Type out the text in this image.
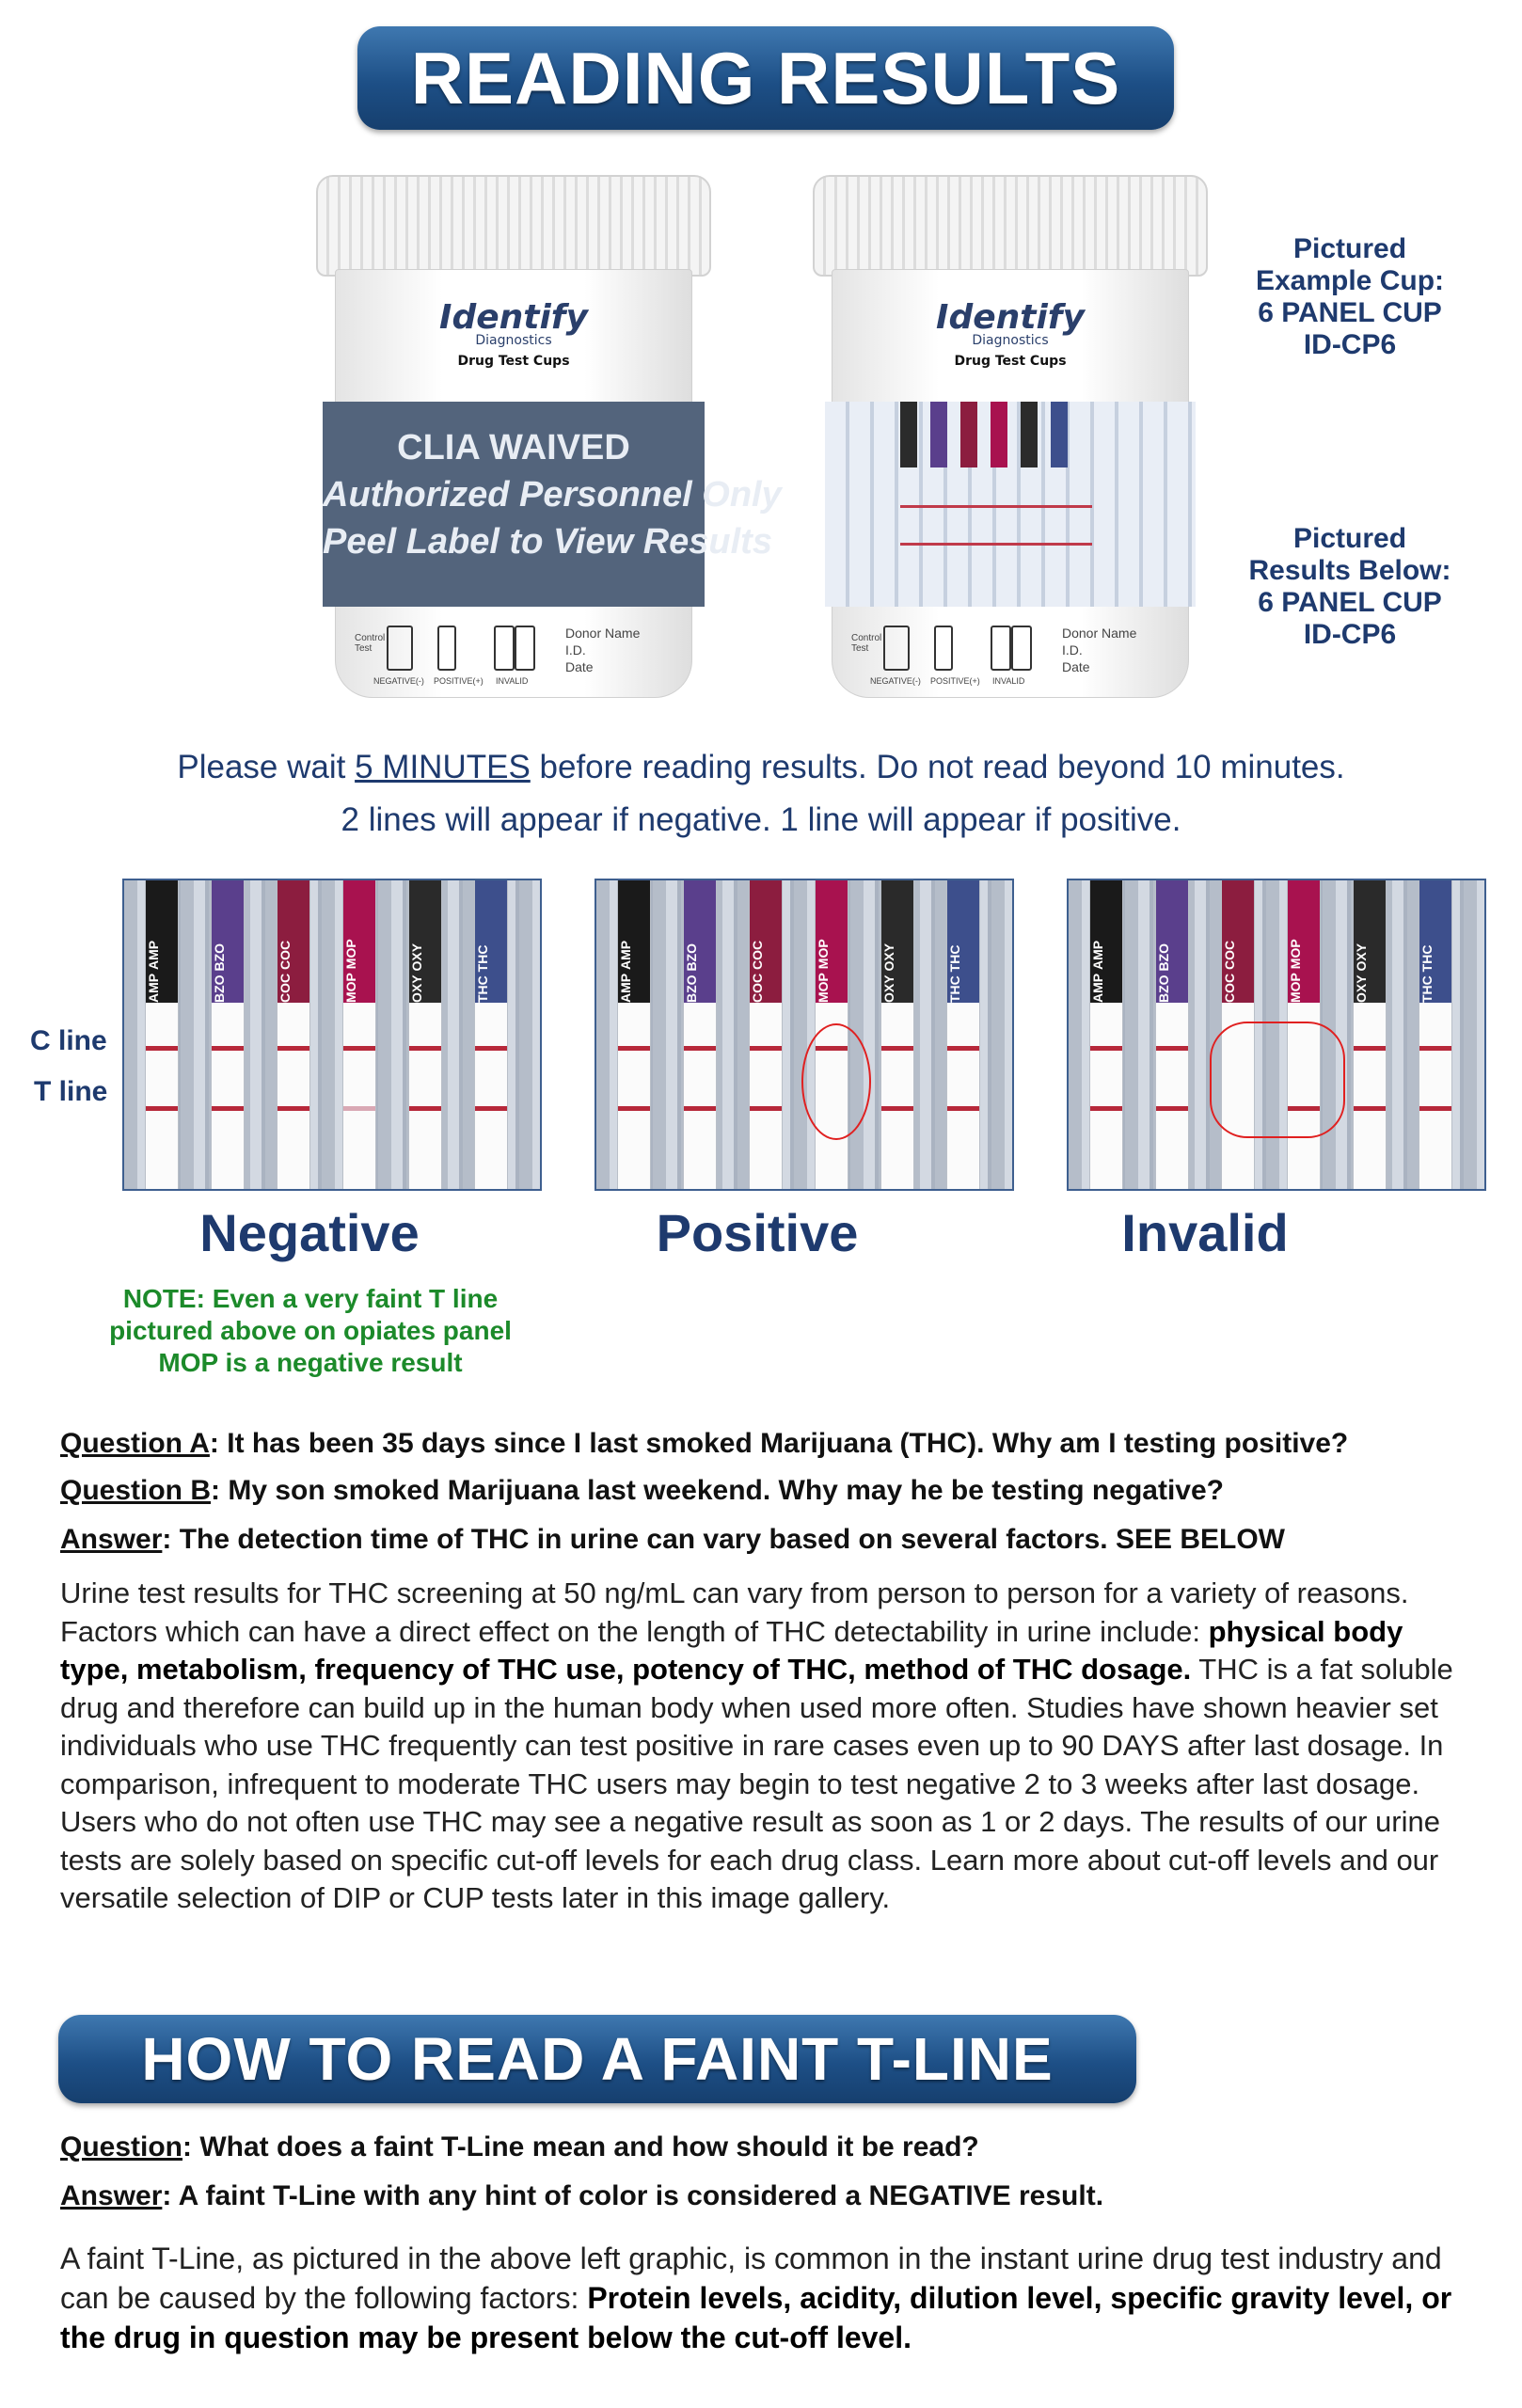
READING RESULTS
Identify
Diagnostics
Drug Test Cups
CLIA WAIVED
Authorized Personnel Only
Peel Label to View Results
Control Test
NEGATIVE(-) POSITIVE(+) INVALID
Donor Name
I.D.
Date
Identify
Diagnostics
Drug Test Cups
Control Test
NEGATIVE(-) POSITIVE(+) INVALID
Donor Name
I.D.
Date
Pictured
Example Cup:
6 PANEL CUP
ID-CP6
Pictured
Results Below:
6 PANEL CUP
ID-CP6
Please wait 5 MINUTES before reading results. Do not read beyond 10 minutes.
2 lines will appear if negative. 1 line will appear if positive.
C line
T line
AMP AMP
BZO BZO
COC COC
MOP MOP
OXY OXY
THC THC
AMP AMP
BZO BZO
COC COC
MOP MOP
OXY OXY
THC THC
AMP AMP
BZO BZO
COC COC
MOP MOP
OXY OXY
THC THC
Negative	Positive	Invalid
NOTE: Even a very faint T line
pictured above on opiates panel
MOP is a negative result
Question A: It has been 35 days since I last smoked Marijuana (THC). Why am I testing positive?
Question B: My son smoked Marijuana last weekend. Why may he be testing negative?
Answer: The detection time of THC in urine can vary based on several factors. SEE BELOW
Urine test results for THC screening at 50 ng/mL can vary from person to person for a variety of reasons. Factors which can have a direct effect on the length of THC detectability in urine include: physical body type, metabolism, frequency of THC use, potency of THC, method of THC dosage. THC is a fat soluble drug and therefore can build up in the human body when used more often. Studies have shown heavier set individuals who use THC frequently can test positive in rare cases even up to 90 DAYS after last dosage. In comparison, infrequent to moderate THC users may begin to test negative 2 to 3 weeks after last dosage. Users who do not often use THC may see a negative result as soon as 1 or 2 days. The results of our urine tests are solely based on specific cut-off levels for each drug class. Learn more about cut-off levels and our versatile selection of DIP or CUP tests later in this image gallery.
HOW TO READ A FAINT T-LINE
Question: What does a faint T-Line mean and how should it be read?
Answer: A faint T-Line with any hint of color is considered a NEGATIVE result.
A faint T-Line, as pictured in the above left graphic, is common in the instant urine drug test industry and can be caused by the following factors: Protein levels, acidity, dilution level, specific gravity level, or the drug in question may be present below the cut-off level.
